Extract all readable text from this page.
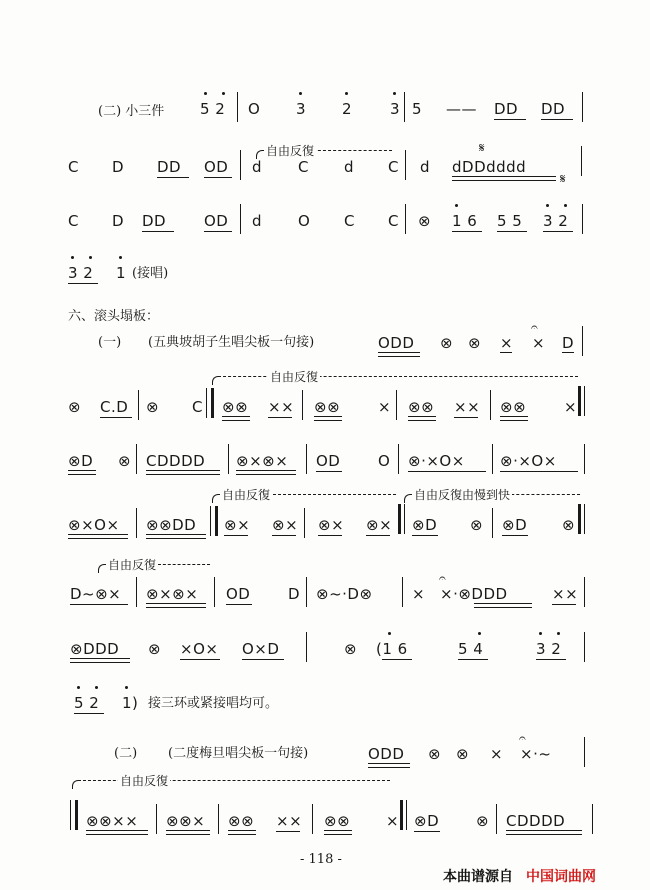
(二) 小三件 5 2 O 3 2	3 5 —— DD DD
自由反復
C D DD OD d C d C d dDDdddd
𝄋
𝄋
C D DD	OD d O C C ⊗ 1 6 5 5 3 2
3 2 1 (接唱)
六、滚头塌板：
(一) (五典坡胡子生唱尖板一句接)	ODD ⊗ ⊗ × ×
𝄐
D
自由反復
⊗ C.D ⊗ C ⊗⊗ ×× ⊗⊗	× ⊗⊗ ×× ⊗⊗	×
⊗D ⊗ CDDDD ⊗×⊗× OD	O ⊗·×O× ⊗·×O×
自由反復	自由反復由慢到快
⊗×O× ⊗⊗DD ⊗× ⊗× ⊗× ⊗× ⊗D ⊗ ⊗D ⊗
自由反復
D~⊗× ⊗×⊗× OD	D ⊗~·D⊗	× ×·⊗DDD
𝄐
××
⊗DDD ⊗ ×O× O×D	⊗ (1 6	5 4	3 2
5 2 1) 接三环或紧接唱均可。
(二) (二度梅旦唱尖板一句接)	ODD ⊗ ⊗ × ×·~
𝄐
自由反復
⊗⊗×× ⊗⊗× ⊗⊗ ×× ⊗⊗ × ⊗D ⊗ CDDDD
- 118 -
本曲谱源自 中国词曲网
